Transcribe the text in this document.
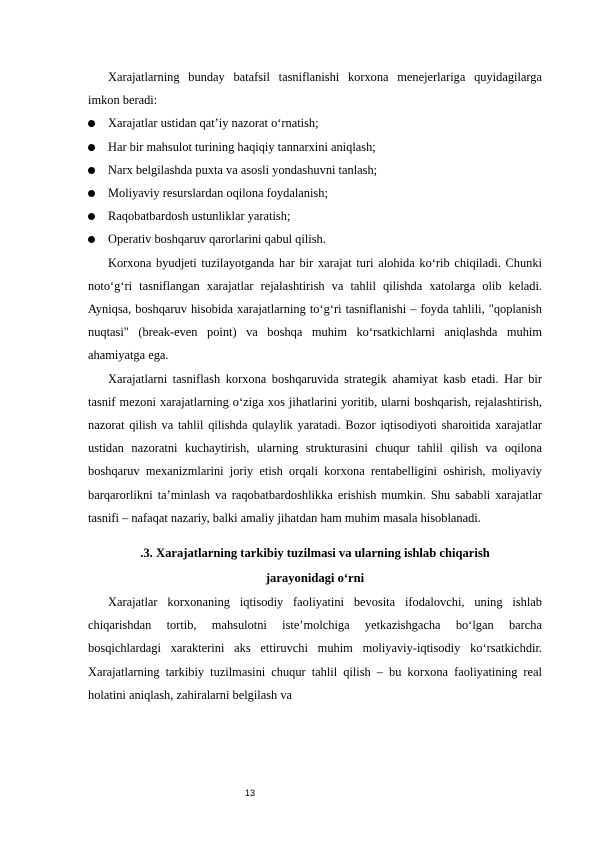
Xarajatlarning bunday batafsil tasniflanishi korxona menejerlariga quyidagilarga imkon beradi:

Xarajatlar ustidan qat’iy nazorat o‘rnatish;
Har bir mahsulot turining haqiqiy tannarxini aniqlash;
Narx belgilashda puxta va asosli yondashuvni tanlash;
Moliyaviy resurslardan oqilona foydalanish;
Raqobatbardosh ustunliklar yaratish;
Operativ boshqaruv qarorlarini qabul qilish.

Korxona byudjeti tuzilayotganda har bir xarajat turi alohida ko‘rib chiqiladi. Chunki noto‘g‘ri tasniflangan xarajatlar rejalashtirish va tahlil qilishda xatolarga olib keladi. Ayniqsa, boshqaruv hisobida xarajatlarning to‘g‘ri tasniflanishi – foyda tahlili, "qoplanish nuqtasi" (break-even point) va boshqa muhim ko‘rsatkichlarni aniqlashda muhim ahamiyatga ega.

Xarajatlarni tasniflash korxona boshqaruvida strategik ahamiyat kasb etadi. Har bir tasnif mezoni xarajatlarning o‘ziga xos jihatlarini yoritib, ularni boshqarish, rejalashtirish, nazorat qilish va tahlil qilishda qulaylik yaratadi. Bozor iqtisodiyoti sharoitida xarajatlar ustidan nazoratni kuchaytirish, ularning strukturasini chuqur tahlil qilish va oqilona boshqaruv mexanizmlarini joriy etish orqali korxona rentabelligini oshirish, moliyaviy barqarorlikni ta’minlash va raqobatbardoshlikka erishish mumkin. Shu sababli xarajatlar tasnifi – nafaqat nazariy, balki amaliy jihatdan ham muhim masala hisoblanadi.

.3. Xarajatlarning tarkibiy tuzilmasi va ularning ishlab chiqarish
jarayonidagi o‘rni

Xarajatlar korxonaning iqtisodiy faoliyatini bevosita ifodalovchi, uning ishlab chiqarishdan tortib, mahsulotni iste’molchiga yetkazishgacha bo‘lgan barcha bosqichlardagi xarakterini aks ettiruvchi muhim moliyaviy-iqtisodiy ko‘rsatkichdir. Xarajatlarning tarkibiy tuzilmasini chuqur tahlil qilish – bu korxona faoliyatining real holatini aniqlash, zahiralarni belgilash va

13
